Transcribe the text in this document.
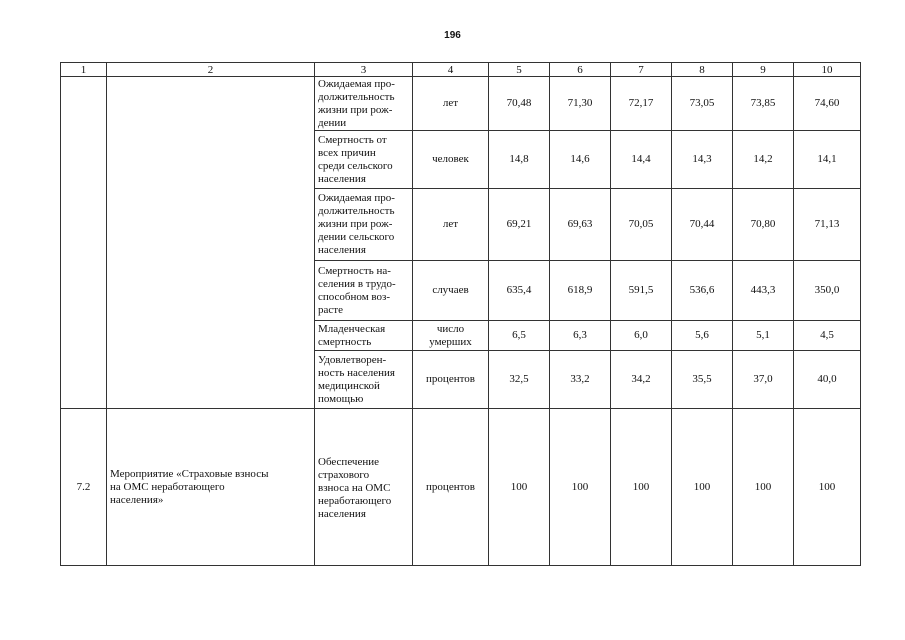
196
1	2	3	4	5	6	7	8	9	10

		Ожидаемая про-
должительность
жизни при рож-
дении	лет	70,48	71,30	72,17	73,05	73,85	74,60

		Смертность от
всех причин
среди сельского
населения	человек	14,8	14,6	14,4	14,3	14,2	14,1

		Ожидаемая про-
должительность
жизни при рож-
дении сельского
населения	лет	69,21	69,63	70,05	70,44	70,80	71,13

		Смертность на-
селения в трудо-
способном воз-
расте	случаев	635,4	618,9	591,5	536,6	443,3	350,0

		Младенческая
смертность	число
умерших	6,5	6,3	6,0	5,6	5,1	4,5

		Удовлетворен-
ность населения
медицинской
помощью	процентов	32,5	33,2	34,2	35,5	37,0	40,0
7.2	Мероприятие «Страховые взносы
на ОМС неработающего
населения»	Обеспечение
страхового
взноса на ОМС
неработающего
населения	процентов	100	100	100	100	100	100
